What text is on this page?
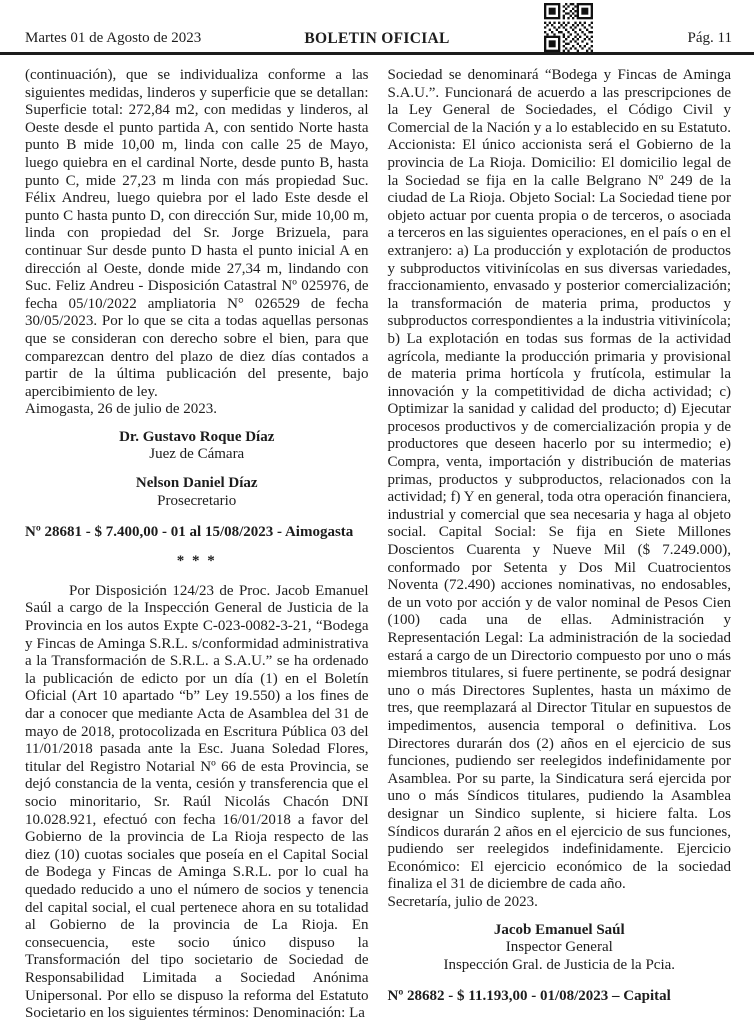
Martes 01 de Agosto de 2023	BOLETIN OFICIAL	Pág. 11

(continuación), que se individualiza conforme a las siguientes medidas, linderos y superficie que se detallan: Superficie total: 272,84 m2, con medidas y linderos, al Oeste desde el punto partida A, con sentido Norte hasta punto B mide 10,00 m, linda con calle 25 de Mayo, luego quiebra en el cardinal Norte, desde punto B, hasta punto C, mide 27,23 m linda con más propiedad Suc. Félix Andreu, luego quiebra por el lado Este desde el punto C hasta punto D, con dirección Sur, mide 10,00 m, linda con propiedad del Sr. Jorge Brizuela, para continuar Sur desde punto D hasta el punto inicial A en dirección al Oeste, donde mide 27,34 m, lindando con Suc. Feliz Andreu - Disposición Catastral Nº 025976, de fecha 05/10/2022 ampliatoria N° 026529 de fecha 30/05/2023. Por lo que se cita a todas aquellas personas que se consideran con derecho sobre el bien, para que comparezcan dentro del plazo de diez días contados a partir de la última publicación del presente, bajo apercibimiento de ley.

Aimogasta, 26 de julio de 2023.

Dr. Gustavo Roque Díaz
Juez de Cámara
Nelson Daniel Díaz
Prosecretario

Nº 28681 - $ 7.400,00 - 01 al 15/08/2023 - Aimogasta

* * *

Por Disposición 124/23 de Proc. Jacob Emanuel Saúl a cargo de la Inspección General de Justicia de la Provincia en los autos Expte C-023-0082-3-21, “Bodega y Fincas de Aminga S.R.L. s/conformidad administrativa a la Transformación de S.R.L. a S.A.U.” se ha ordenado la publicación de edicto por un día (1) en el Boletín Oficial (Art 10 apartado “b” Ley 19.550) a los fines de dar a conocer que mediante Acta de Asamblea del 31 de mayo de 2018, protocolizada en Escritura Pública 03 del 11/01/2018 pasada ante la Esc. Juana Soledad Flores, titular del Registro Notarial Nº 66 de esta Provincia, se dejó constancia de la venta, cesión y transferencia que el socio minoritario, Sr. Raúl Nicolás Chacón DNI 10.028.921, efectuó con fecha 16/01/2018 a favor del Gobierno de la provincia de La Rioja respecto de las diez (10) cuotas sociales que poseía en el Capital Social de Bodega y Fincas de Aminga S.R.L. por lo cual ha quedado reducido a uno el número de socios y tenencia del capital social, el cual pertenece ahora en su totalidad al Gobierno de la provincia de La Rioja. En consecuencia, este socio único dispuso la Transformación del tipo societario de Sociedad de Responsabilidad Limitada a Sociedad Anónima Unipersonal. Por ello se dispuso la reforma del Estatuto Societario en los siguientes términos: Denominación: La

Sociedad se denominará “Bodega y Fincas de Aminga S.A.U.”. Funcionará de acuerdo a las prescripciones de la Ley General de Sociedades, el Código Civil y Comercial de la Nación y a lo establecido en su Estatuto. Accionista: El único accionista será el Gobierno de la provincia de La Rioja. Domicilio: El domicilio legal de la Sociedad se fija en la calle Belgrano Nº 249 de la ciudad de La Rioja. Objeto Social: La Sociedad tiene por objeto actuar por cuenta propia o de terceros, o asociada a terceros en las siguientes operaciones, en el país o en el extranjero: a) La producción y explotación de productos y subproductos vitivinícolas en sus diversas variedades, fraccionamiento, envasado y posterior comercialización; la transformación de materia prima, productos y subproductos correspondientes a la industria vitivinícola; b) La explotación en todas sus formas de la actividad agrícola, mediante la producción primaria y provisional de materia prima hortícola y frutícola, estimular la innovación y la competitividad de dicha actividad; c) Optimizar la sanidad y calidad del producto; d) Ejecutar procesos productivos y de comercialización propia y de productores que deseen hacerlo por su intermedio; e) Compra, venta, importación y distribución de materias primas, productos y subproductos, relacionados con la actividad; f) Y en general, toda otra operación financiera, industrial y comercial que sea necesaria y haga al objeto social. Capital Social: Se fija en Siete Millones Doscientos Cuarenta y Nueve Mil ($ 7.249.000), conformado por Setenta y Dos Mil Cuatrocientos Noventa (72.490) acciones nominativas, no endosables, de un voto por acción y de valor nominal de Pesos Cien (100) cada una de ellas. Administración y Representación Legal: La administración de la sociedad estará a cargo de un Directorio compuesto por uno o más miembros titulares, si fuere pertinente, se podrá designar uno o más Directores Suplentes, hasta un máximo de tres, que reemplazará al Director Titular en supuestos de impedimentos, ausencia temporal o definitiva. Los Directores durarán dos (2) años en el ejercicio de sus funciones, pudiendo ser reelegidos indefinidamente por Asamblea. Por su parte, la Sindicatura será ejercida por uno o más Síndicos titulares, pudiendo la Asamblea designar un Sindico suplente, si hiciere falta. Los Síndicos durarán 2 años en el ejercicio de sus funciones, pudiendo ser reelegidos indefinidamente. Ejercicio Económico: El ejercicio económico de la sociedad finaliza el 31 de diciembre de cada año.

Secretaría, julio de 2023.

Jacob Emanuel Saúl
Inspector General
Inspección Gral. de Justicia de la Pcia.

Nº 28682 - $ 11.193,00 - 01/08/2023 – Capital
